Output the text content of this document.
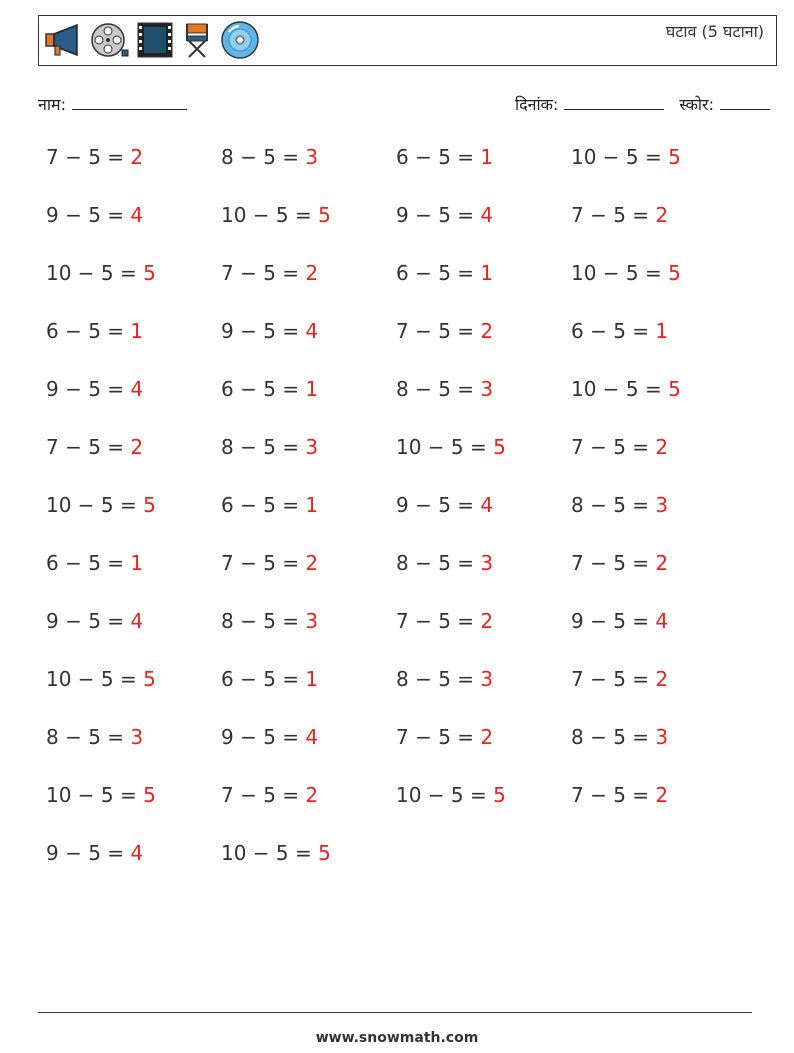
घटाव (5 घटाना)
नाम:	दिनांक:	स्कोर:
7 − 5 = 2	8 − 5 = 3	6 − 5 = 1	10 − 5 = 5
9 − 5 = 4	10 − 5 = 5	9 − 5 = 4	7 − 5 = 2
10 − 5 = 5	7 − 5 = 2	6 − 5 = 1	10 − 5 = 5
6 − 5 = 1	9 − 5 = 4	7 − 5 = 2	6 − 5 = 1
9 − 5 = 4	6 − 5 = 1	8 − 5 = 3	10 − 5 = 5
7 − 5 = 2	8 − 5 = 3	10 − 5 = 5	7 − 5 = 2
10 − 5 = 5	6 − 5 = 1	9 − 5 = 4	8 − 5 = 3
6 − 5 = 1	7 − 5 = 2	8 − 5 = 3	7 − 5 = 2
9 − 5 = 4	8 − 5 = 3	7 − 5 = 2	9 − 5 = 4
10 − 5 = 5	6 − 5 = 1	8 − 5 = 3	7 − 5 = 2
8 − 5 = 3	9 − 5 = 4	7 − 5 = 2	8 − 5 = 3
10 − 5 = 5	7 − 5 = 2	10 − 5 = 5	7 − 5 = 2
9 − 5 = 4	10 − 5 = 5
www.snowmath.com
